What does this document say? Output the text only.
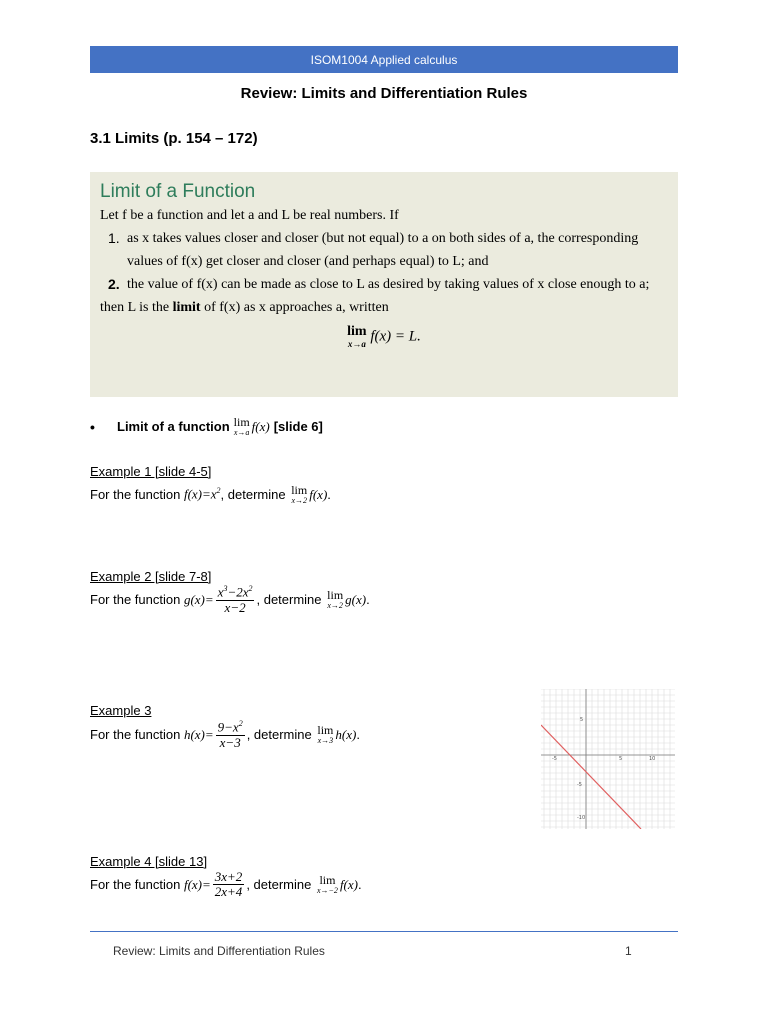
ISOM1004 Applied calculus
Review: Limits and Differentiation Rules
3.1 Limits (p. 154 – 172)
Limit of a Function
Let f be a function and let a and L be real numbers. If
1. as x takes values closer and closer (but not equal) to a on both sides of a, the corresponding values of f(x) get closer and closer (and perhaps equal) to L; and
2. the value of f(x) can be made as close to L as desired by taking values of x close enough to a;
then L is the limit of f(x) as x approaches a, written
lim
x→a f(x) = L.
•	Limit of a function lim
x→a f(x) [slide 6]
Example 1 [slide 4-5]
For the function
$f(x)=x^2$ , determine
lim
x→2 f(x) .
Example 2 [slide 7-8]
For the function
$g(x)= \frac{x^3-2x^2}{x-2}$ , determine
lim
x→2 g(x) .
Example 3
For the function
$h(x)= \frac{9-x^2}{x-3}$ , determine
lim
x→3 h(x) .
5
-5
-10
-5	5	10
Example 4 [slide 13]
For the function
$f(x)= \frac{3x+2}{2x+4}$ , determine
lim
x→−2 f(x) .
Review: Limits and Differentiation Rules	1
